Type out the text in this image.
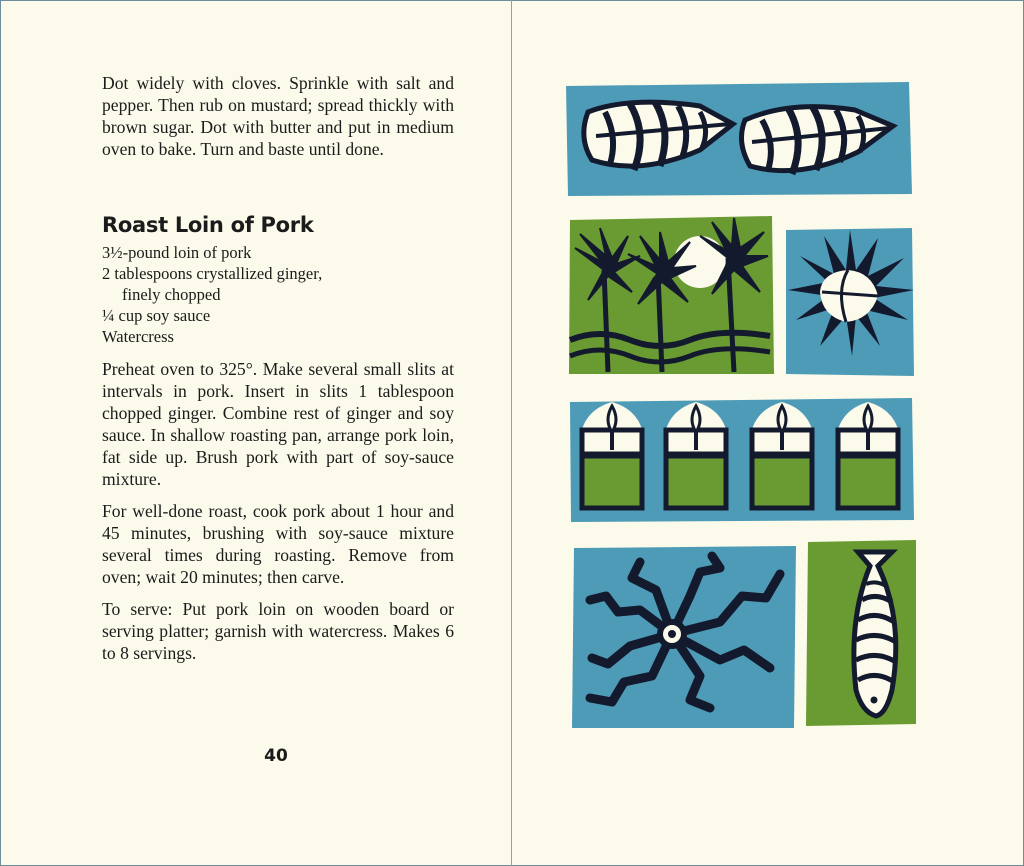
Dot widely with cloves. Sprinkle with salt and pepper. Then rub on mustard; spread thickly with brown sugar. Dot with butter and put in medium oven to bake. Turn and baste until done.

Roast Loin of Pork
3½-pound loin of pork
2 tablespoons crystallized ginger,
finely chopped
¼ cup soy sauce
Watercress

Preheat oven to 325°. Make several small slits at intervals in pork. Insert in slits 1 tablespoon chopped ginger. Combine rest of ginger and soy sauce. In shallow roasting pan, arrange pork loin, fat side up. Brush pork with part of soy-sauce mixture.

For well-done roast, cook pork about 1 hour and 45 minutes, brushing with soy-sauce mixture several times during roasting. Remove from oven; wait 20 minutes; then carve.

To serve: Put pork loin on wooden board or serving platter; garnish with watercress. Makes 6 to 8 servings.

40
